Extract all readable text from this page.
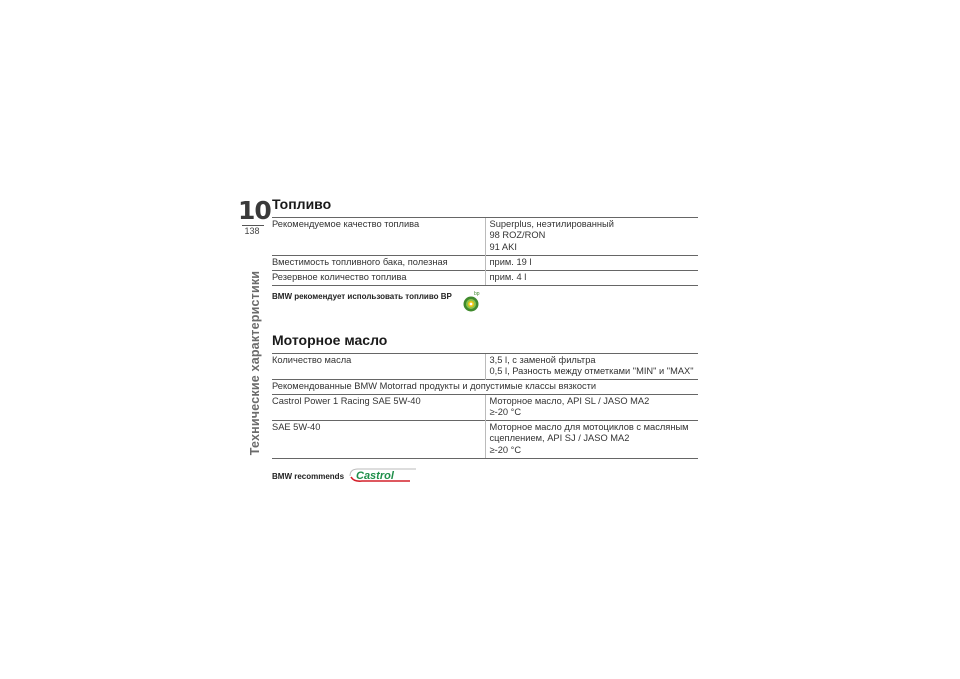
10
138
Технические характеристики
Топливо
Рекомендуемое качество топлива	Superplus, неэтилированный
98 ROZ/RON
91 AKI
Вместимость топливного бака, полезная	прим. 19 l
Резервное количество топлива	прим. 4 l
BMW рекомендует использовать топливо BP	bp
Моторное масло
Количество масла	3,5 l, с заменой фильтра
0,5 l, Разность между отметками "MIN" и "MAX"
Рекомендованные BMW Motorrad продукты и допустимые классы вязкости	
Castrol Power 1 Racing SAE 5W-40	Моторное масло, API SL / JASO MA2
≥-20 °C
SAE 5W-40	Моторное масло для мотоциклов с масляным сцеплением, API SJ / JASO MA2
≥-20 °C
BMW recommends Castrol
